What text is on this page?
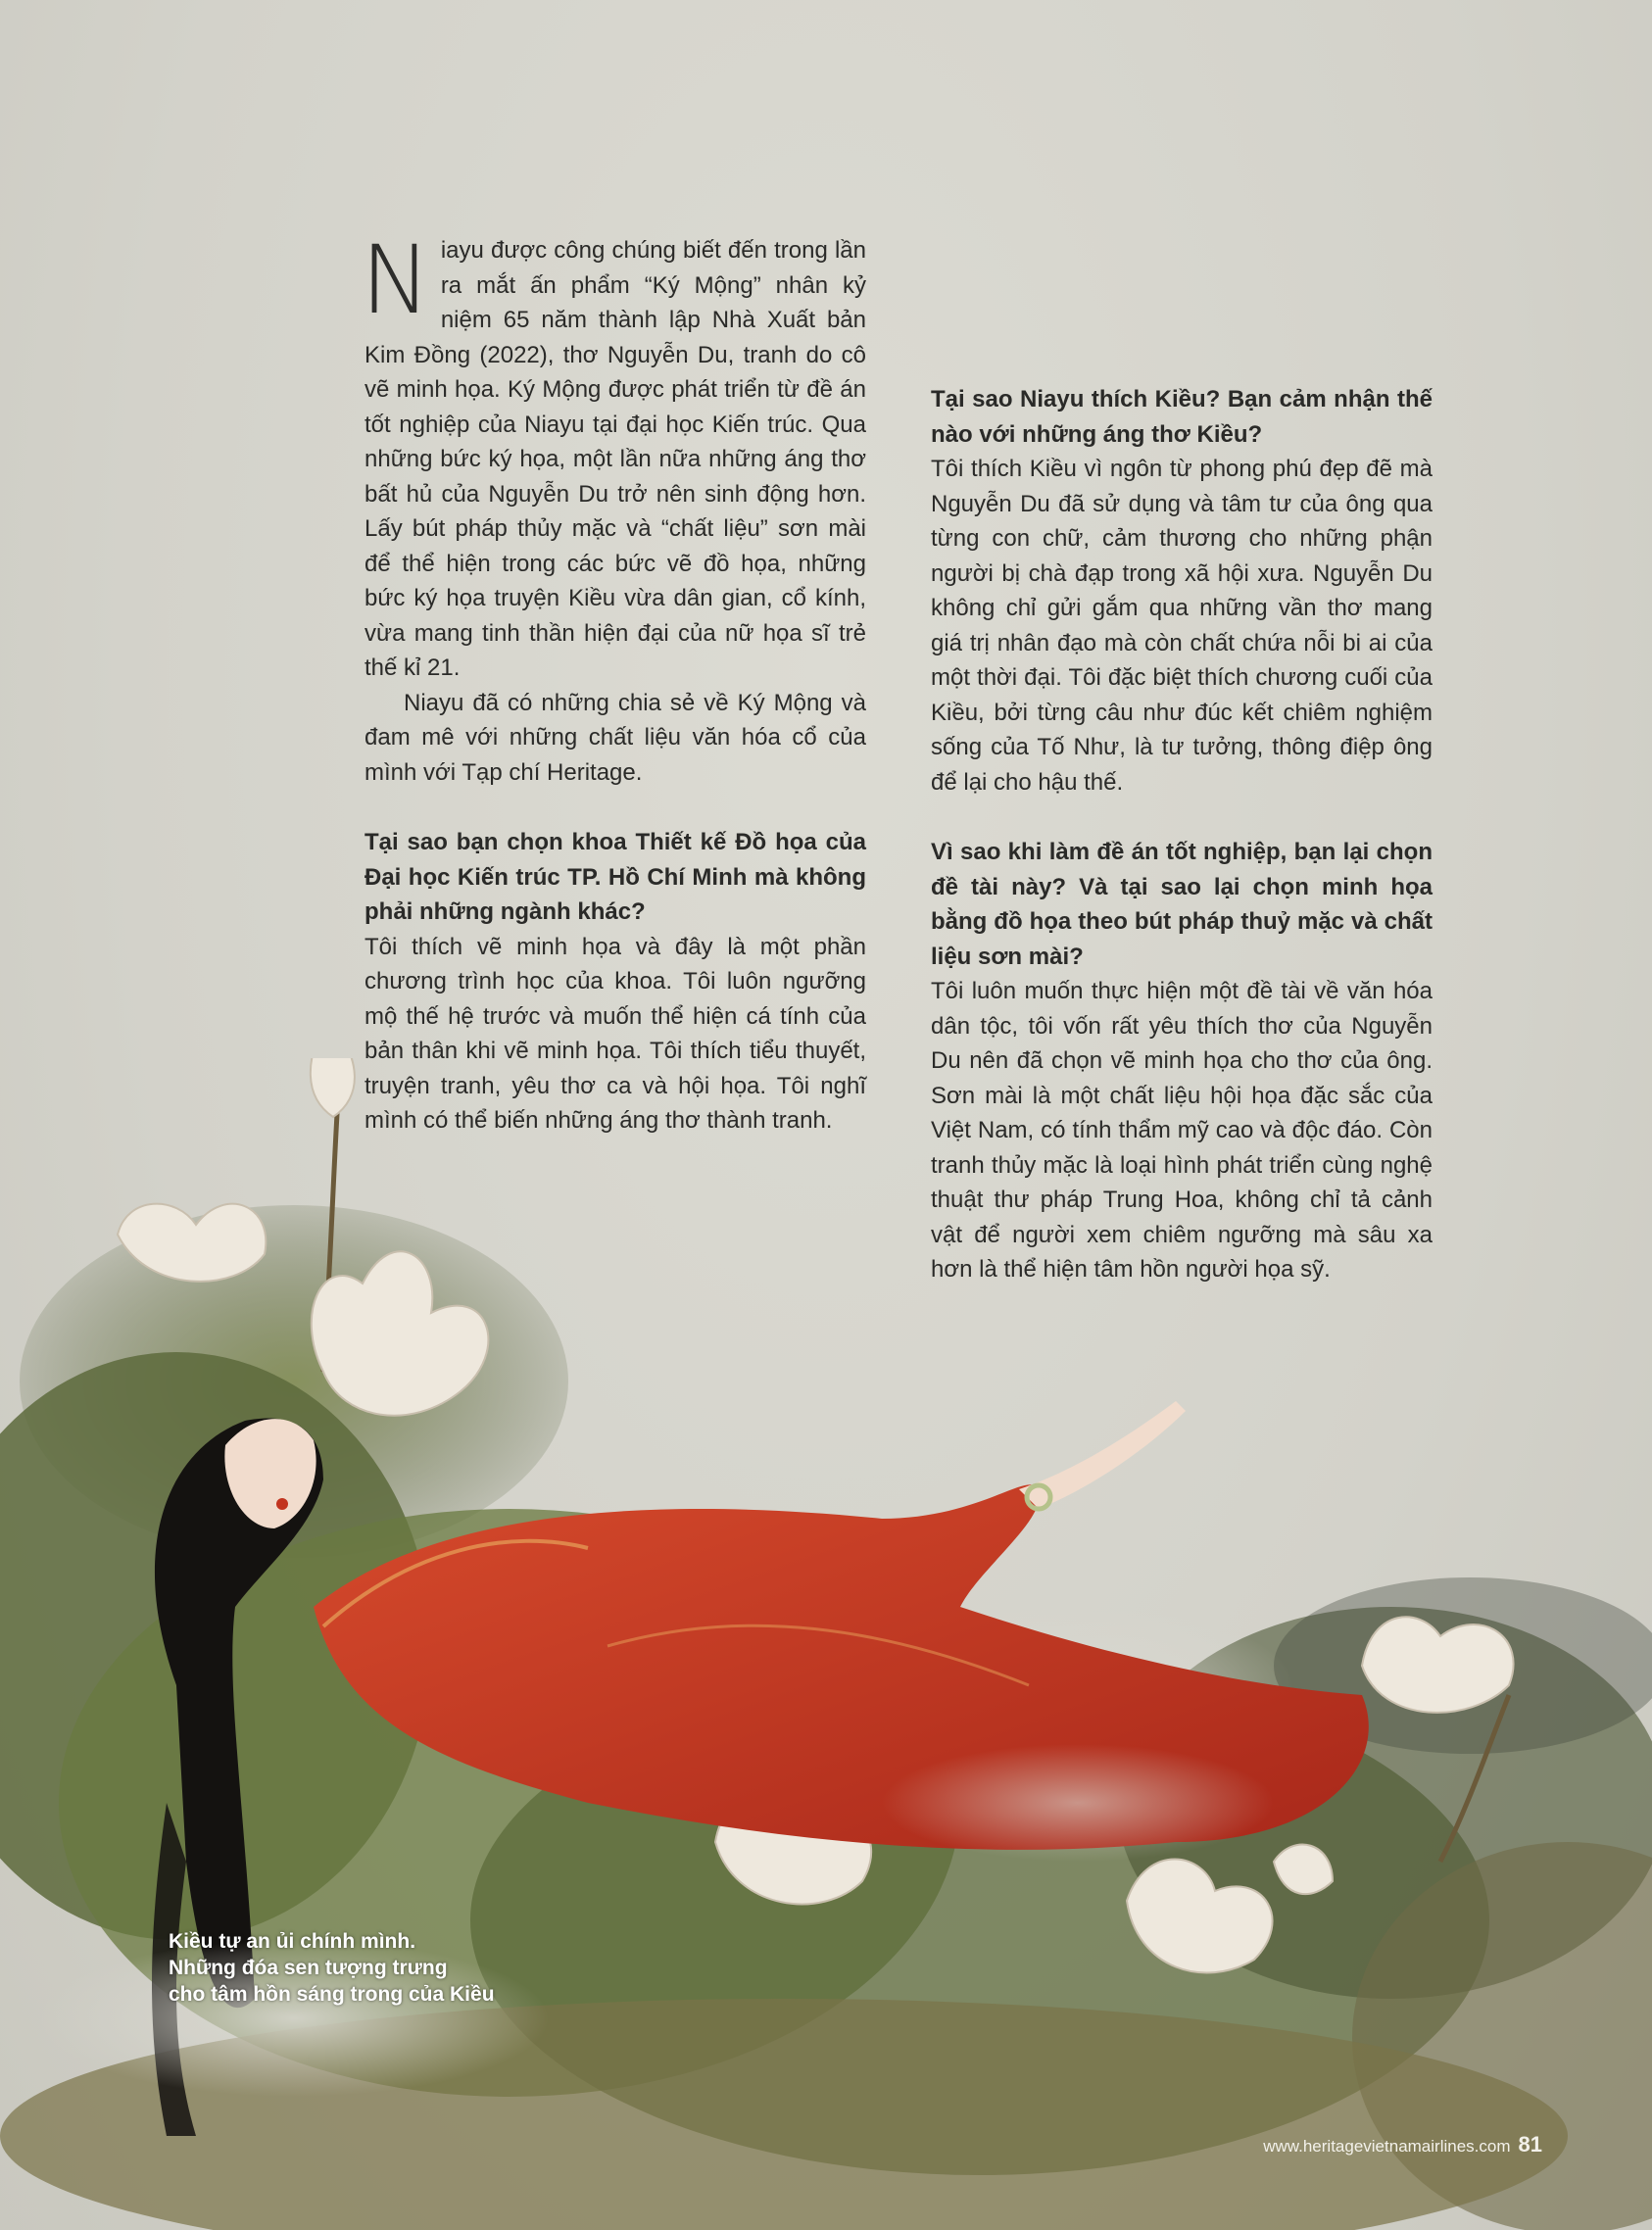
Niayu được công chúng biết đến trong lần ra mắt ấn phẩm “Ký Mộng” nhân kỷ niệm 65 năm thành lập Nhà Xuất bản Kim Đồng (2022), thơ Nguyễn Du, tranh do cô vẽ minh họa. Ký Mộng được phát triển từ đề án tốt nghiệp của Niayu tại đại học Kiến trúc. Qua những bức ký họa, một lần nữa những áng thơ bất hủ của Nguyễn Du trở nên sinh động hơn. Lấy bút pháp thủy mặc và “chất liệu” sơn mài để thể hiện trong các bức vẽ đồ họa, những bức ký họa truyện Kiều vừa dân gian, cổ kính, vừa mang tinh thần hiện đại của nữ họa sĩ trẻ thế kỉ 21.

Niayu đã có những chia sẻ về Ký Mộng và đam mê với những chất liệu văn hóa cổ của mình với Tạp chí Heritage.

Tại sao bạn chọn khoa Thiết kế Đồ họa của Đại học Kiến trúc TP. Hồ Chí Minh mà không phải những ngành khác?

Tôi thích vẽ minh họa và đây là một phần chương trình học của khoa. Tôi luôn ngưỡng mộ thế hệ trước và muốn thể hiện cá tính của bản thân khi vẽ minh họa. Tôi thích tiểu thuyết, truyện tranh, yêu thơ ca và hội họa. Tôi nghĩ mình có thể biến những áng thơ thành tranh.

Tại sao Niayu thích Kiều? Bạn cảm nhận thế nào với những áng thơ Kiều?

Tôi thích Kiều vì ngôn từ phong phú đẹp đẽ mà Nguyễn Du đã sử dụng và tâm tư của ông qua từng con chữ, cảm thương cho những phận người bị chà đạp trong xã hội xưa. Nguyễn Du không chỉ gửi gắm qua những vần thơ mang giá trị nhân đạo mà còn chất chứa nỗi bi ai của một thời đại. Tôi đặc biệt thích chương cuối của Kiều, bởi từng câu như đúc kết chiêm nghiệm sống của Tố Như, là tư tưởng, thông điệp ông để lại cho hậu thế.

Vì sao khi làm đề án tốt nghiệp, bạn lại chọn đề tài này? Và tại sao lại chọn minh họa bằng đồ họa theo bút pháp thuỷ mặc và chất liệu sơn mài?

Tôi luôn muốn thực hiện một đề tài về văn hóa dân tộc, tôi vốn rất yêu thích thơ của Nguyễn Du nên đã chọn vẽ minh họa cho thơ của ông. Sơn mài là một chất liệu hội họa đặc sắc của Việt Nam, có tính thẩm mỹ cao và độc đáo. Còn tranh thủy mặc là loại hình phát triển cùng nghệ thuật thư pháp Trung Hoa, không chỉ tả cảnh vật để người xem chiêm ngưỡng mà sâu xa hơn là thể hiện tâm hồn người họa sỹ.

Kiều tự an ủi chính mình.
Những đóa sen tượng trưng
cho tâm hồn sáng trong của Kiều
www.heritagevietnamairlines.com 81
